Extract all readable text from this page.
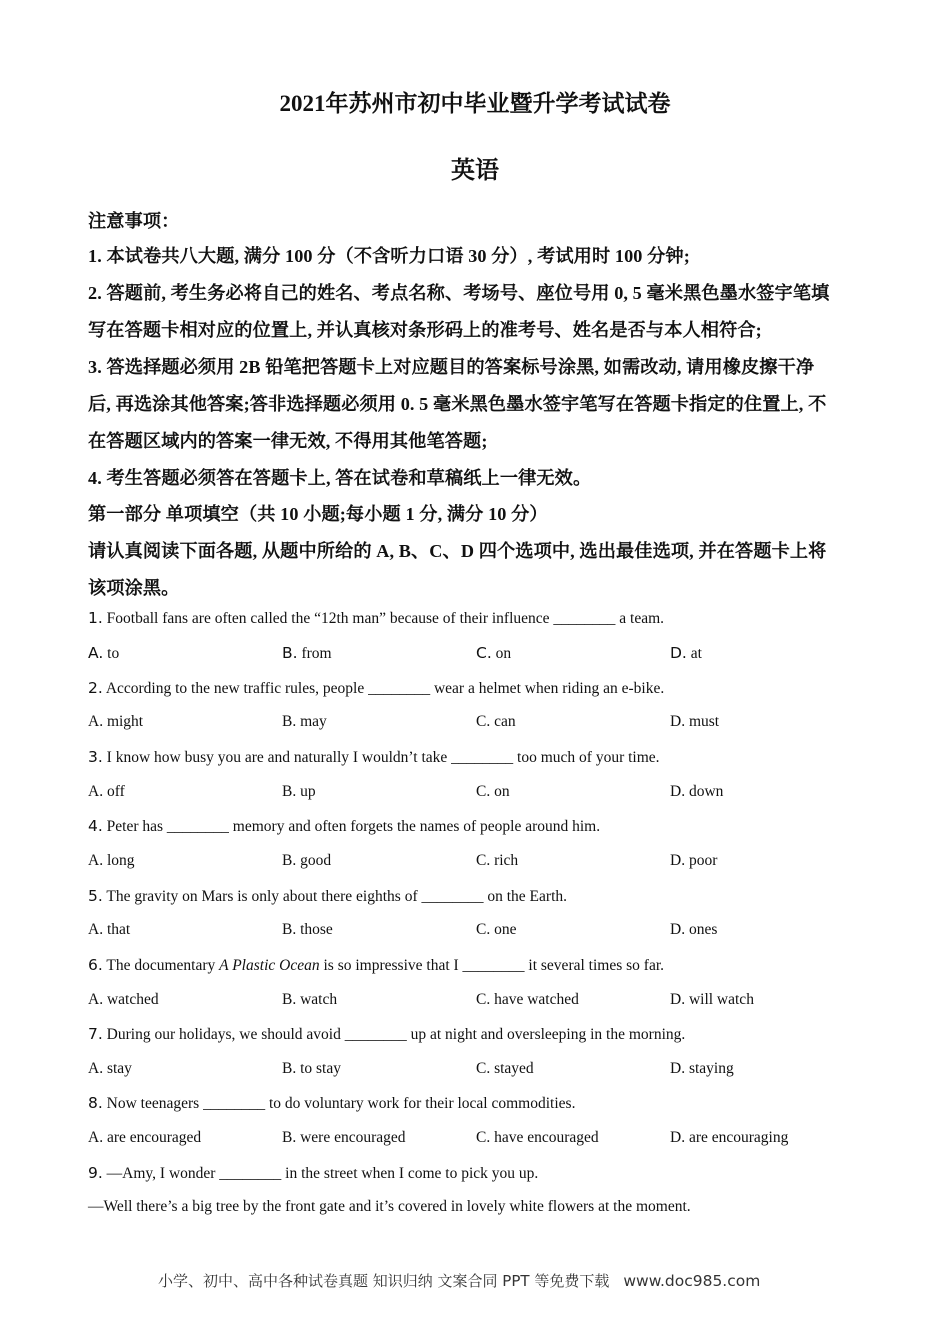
2021年苏州市初中毕业暨升学考试试卷
英语
注意事项：
1. 本试卷共八大题, 满分 100 分（不含听力口语 30 分）, 考试用时 100 分钟;
2. 答题前, 考生务必将自己的姓名、考点名称、考场号、座位号用 0, 5 毫米黑色墨水签宇笔填
写在答题卡相对应的位置上, 并认真核对条形码上的准考号、姓名是否与本人相符合;
3. 答选择题必须用 2B 铅笔把答题卡上对应题目的答案标号涂黑, 如需改动, 请用橡皮擦干净
后, 再选涂其他答案;答非选择题必须用 0. 5 毫米黑色墨水签宇笔写在答题卡指定的住置上, 不
在答题区域内的答案一律无效, 不得用其他笔答题;
4. 考生答题必须答在答题卡上, 答在试卷和草稿纸上一律无效。
第一部分 单项填空（共 10 小题;每小题 1 分, 满分 10 分）
请认真阅读下面各题, 从题中所给的 A, B、C、D 四个选项中, 选出最佳选项, 并在答题卡上将
该项涂黑。
1. Football fans are often called the “12th man” because of their influence ________ a team.
A. to	B. from	C. on	D. at
2. According to the new traffic rules, people ________ wear a helmet when riding an e-bike.
A. might	B. may	C. can	D. must
3. I know how busy you are and naturally I wouldn’t take ________ too much of your time.
A. off	B. up	C. on	D. down
4. Peter has ________ memory and often forgets the names of people around him.
A. long	B. good	C. rich	D. poor
5. The gravity on Mars is only about there eighths of ________ on the Earth.
A. that	B. those	C. one	D. ones
6. The documentary A Plastic Ocean is so impressive that I ________ it several times so far.
A. watched	B. watch	C. have watched	D. will watch
7. During our holidays, we should avoid ________ up at night and oversleeping in the morning.
A. stay	B. to stay	C. stayed	D. staying
8. Now teenagers ________ to do voluntary work for their local commodities.
A. are encouraged	B. were encouraged	C. have encouraged	D. are encouraging
9. —Amy, I wonder ________ in the street when I come to pick you up.
—Well there’s a big tree by the front gate and it’s covered in lovely white flowers at the moment.
小学、初中、高中各种试卷真题 知识归纳 文案合同 PPT 等免费下载 www.doc985.com
